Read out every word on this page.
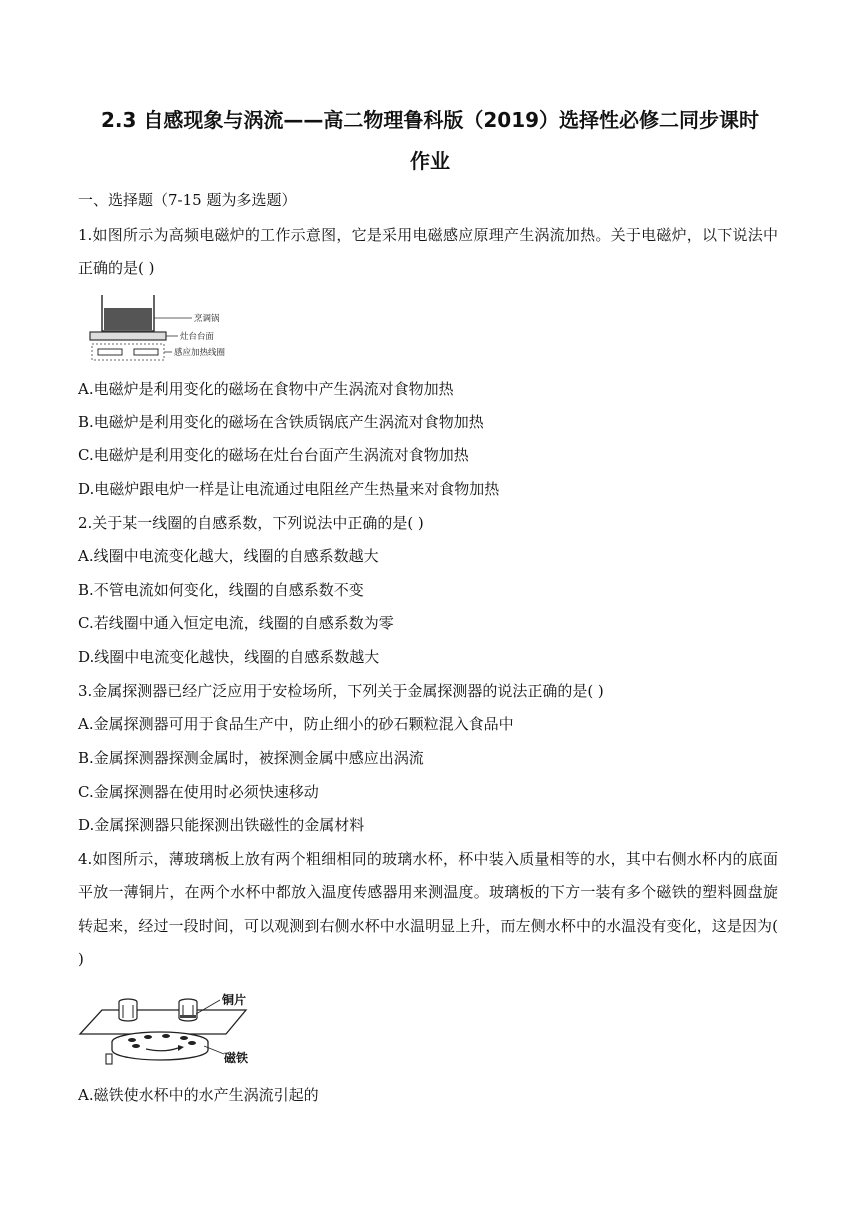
2.3 自感现象与涡流——高二物理鲁科版（2019）选择性必修二同步课时
作业
一、选择题（7-15 题为多选题）
1.如图所示为高频电磁炉的工作示意图，它是采用电磁感应原理产生涡流加热。关于电磁炉，以下说法中正确的是( )
烹调锅
灶台台面
感应加热线圈
A.电磁炉是利用变化的磁场在食物中产生涡流对食物加热
B.电磁炉是利用变化的磁场在含铁质锅底产生涡流对食物加热
C.电磁炉是利用变化的磁场在灶台台面产生涡流对食物加热
D.电磁炉跟电炉一样是让电流通过电阻丝产生热量来对食物加热
2.关于某一线圈的自感系数，下列说法中正确的是( )
A.线圈中电流变化越大，线圈的自感系数越大
B.不管电流如何变化，线圈的自感系数不变
C.若线圈中通入恒定电流，线圈的自感系数为零
D.线圈中电流变化越快，线圈的自感系数越大
3.金属探测器已经广泛应用于安检场所，下列关于金属探测器的说法正确的是( )
A.金属探测器可用于食品生产中，防止细小的砂石颗粒混入食品中
B.金属探测器探测金属时，被探测金属中感应出涡流
C.金属探测器在使用时必须快速移动
D.金属探测器只能探测出铁磁性的金属材料
4.如图所示，薄玻璃板上放有两个粗细相同的玻璃水杯，杯中装入质量相等的水，其中右侧水杯内的底面平放一薄铜片，在两个水杯中都放入温度传感器用来测温度。玻璃板的下方一装有多个磁铁的塑料圆盘旋转起来，经过一段时间，可以观测到右侧水杯中水温明显上升，而左侧水杯中的水温没有变化，这是因为( )
铜片
磁铁
A.磁铁使水杯中的水产生涡流引起的
